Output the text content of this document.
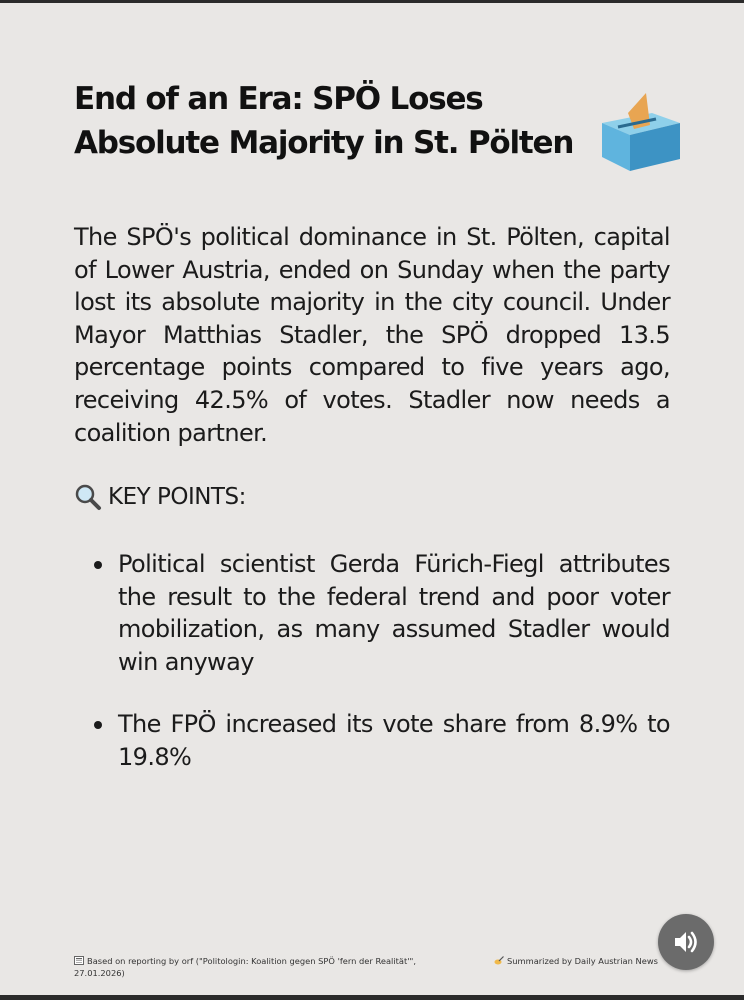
End of an Era: SPÖ Loses Absolute Majority in St. Pölten
The SPÖ's political dominance in St. Pölten, capital of Lower Austria, ended on Sunday when the party lost its absolute majority in the city council. Under Mayor Matthias Stadler, the SPÖ dropped 13.5 percentage points compared to five years ago, receiving 42.5% of votes. Stadler now needs a coalition partner.
KEY POINTS:
Political scientist Gerda Fürich-Fiegl attributes the result to the federal trend and poor voter mobilization, as many assumed Stadler would win anyway
The FPÖ increased its vote share from 8.9% to 19.8%
Based on reporting by orf ("Politologin: Koalition gegen SPÖ 'fern der Realität'", 27.01.2026)
Summarized by Daily Austrian News
